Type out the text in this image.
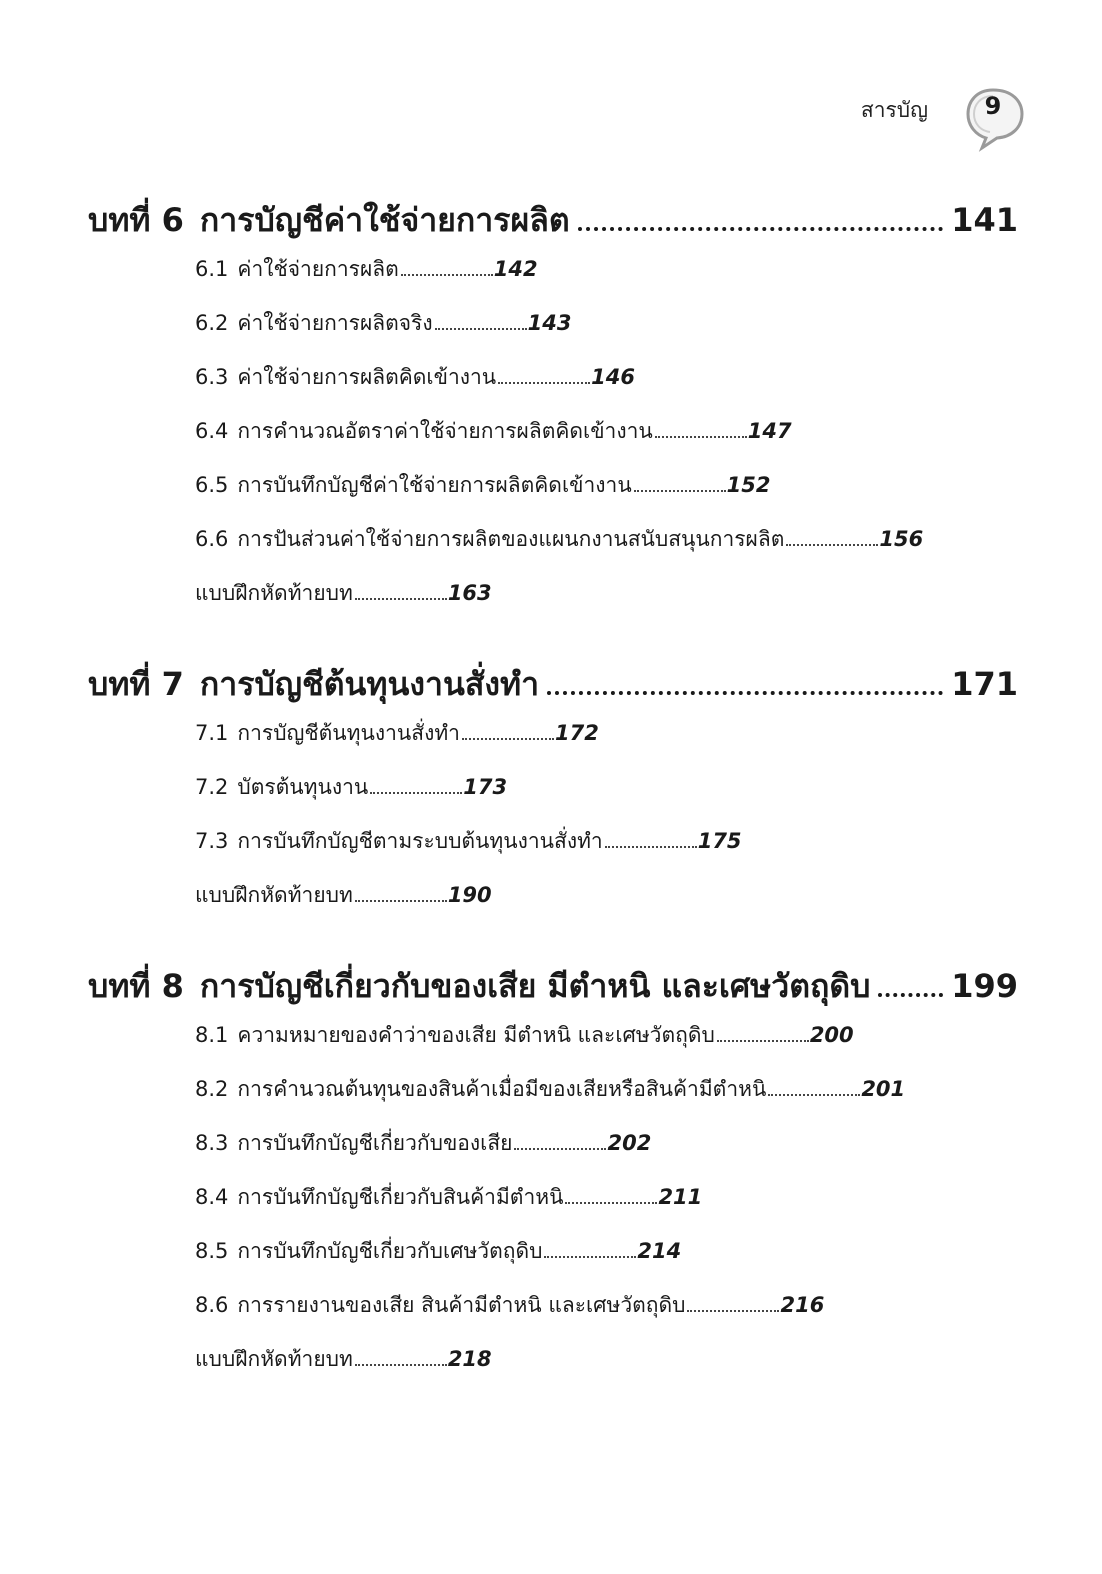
สารบัญ	9
บทที่ 6 การบัญชีค่าใช้จ่ายการผลิต	141
6.1 ค่าใช้จ่ายการผลิต	142
6.2 ค่าใช้จ่ายการผลิตจริง	143
6.3 ค่าใช้จ่ายการผลิตคิดเข้างาน	146
6.4 การคำนวณอัตราค่าใช้จ่ายการผลิตคิดเข้างาน	147
6.5 การบันทึกบัญชีค่าใช้จ่ายการผลิตคิดเข้างาน	152
6.6 การปันส่วนค่าใช้จ่ายการผลิตของแผนกงานสนับสนุนการผลิต	156
แบบฝึกหัดท้ายบท	163
บทที่ 7 การบัญชีต้นทุนงานสั่งทำ	171
7.1 การบัญชีต้นทุนงานสั่งทำ	172
7.2 บัตรต้นทุนงาน	173
7.3 การบันทึกบัญชีตามระบบต้นทุนงานสั่งทำ	175
แบบฝึกหัดท้ายบท	190
บทที่ 8 การบัญชีเกี่ยวกับของเสีย มีตำหนิ และเศษวัตถุดิบ	199
8.1 ความหมายของคำว่าของเสีย มีตำหนิ และเศษวัตถุดิบ	200
8.2 การคำนวณต้นทุนของสินค้าเมื่อมีของเสียหรือสินค้ามีตำหนิ	201
8.3 การบันทึกบัญชีเกี่ยวกับของเสีย	202
8.4 การบันทึกบัญชีเกี่ยวกับสินค้ามีตำหนิ	211
8.5 การบันทึกบัญชีเกี่ยวกับเศษวัตถุดิบ	214
8.6 การรายงานของเสีย สินค้ามีตำหนิ และเศษวัตถุดิบ	216
แบบฝึกหัดท้ายบท	218
